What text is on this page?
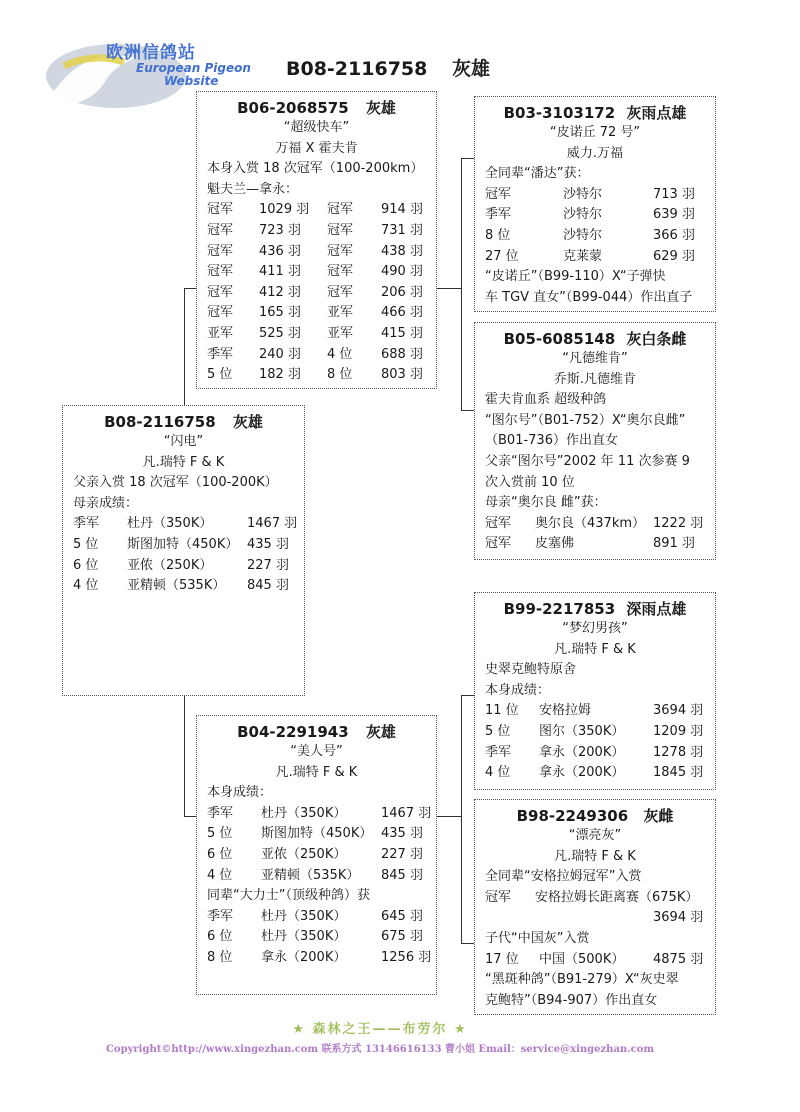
欧洲信鸽站
European Pigeon
Website
B08-2116758 灰雄
B06-2068575 灰雄
“超级快车”
万福 X 霍夫肯
本身入赏 18 次冠军（100-200km）
魁夫兰—拿永：
冠军 1029 羽 冠军 914 羽
冠军 723 羽 冠军 731 羽
冠军 436 羽 冠军 438 羽
冠军 411 羽 冠军 490 羽
冠军 412 羽 冠军 206 羽
冠军 165 羽 亚军 466 羽
亚军 525 羽 亚军 415 羽
季军 240 羽 4 位 688 羽
5 位 182 羽 8 位 803 羽
B08-2116758 灰雄
“闪电”
凡.瑞特 F & K
父亲入赏 18 次冠军（100-200K）
母亲成绩：
季军 杜丹（350K）	1467 羽
5 位 斯图加特（450K） 435 羽
6 位 亚侬（250K）	227 羽
4 位 亚精顿（535K） 845 羽
B04-2291943 灰雄
“美人号”
凡.瑞特 F & K
本身成绩：
季军 杜丹（350K）	1467 羽
5 位 斯图加特（450K） 435 羽
6 位 亚侬（250K）	227 羽
4 位 亚精顿（535K） 845 羽
同辈“大力士”（顶级种鸽）获
季军 杜丹（350K）	645 羽
6 位 杜丹（350K）	675 羽
8 位 拿永（200K）	1256 羽
B03-3103172 灰雨点雄
“皮诺丘 72 号”
威力.万福
全同辈“潘达”获：
冠军	沙特尔	713 羽
季军	沙特尔	639 羽
8 位	沙特尔	366 羽
27 位	克莱蒙	629 羽
“皮诺丘”（B99-110）X“子弹快
车 TGV 直女”（B99-044）作出直子
B05-6085148 灰白条雌
“凡德维肯”
乔斯.凡德维肯
霍夫肯血系 超级种鸽
“图尔号”（B01-752）X“奥尔良雌”
（B01-736）作出直女
父亲“图尔号”2002 年 11 次参赛 9
次入赏前 10 位
母亲“奥尔良 雌”获：
冠军 奥尔良（437km） 1222 羽
冠军 皮塞佛	891 羽
B99-2217853 深雨点雄
“梦幻男孩”
凡.瑞特 F & K
史翠克鲍特原舍
本身成绩：
11 位 安格拉姆	3694 羽
5 位 图尔（350K） 1209 羽
季军 拿永（200K） 1278 羽
4 位 拿永（200K） 1845 羽
B98-2249306 灰雌
“漂亮灰”
凡.瑞特 F & K
全同辈“安格拉姆冠军”入赏
冠军 安格拉姆长距离赛（675K）
3694 羽
子代“中国灰”入赏
17 位 中国（500K） 4875 羽
“黑斑种鸽”（B91-279）X“灰史翠
克鲍特”（B94-907）作出直女
★ 森林之王——布劳尔 ★
Copyright©http://www.xingezhan.com 联系方式 13146616133 曹小姐 Email：service@xingezhan.com
